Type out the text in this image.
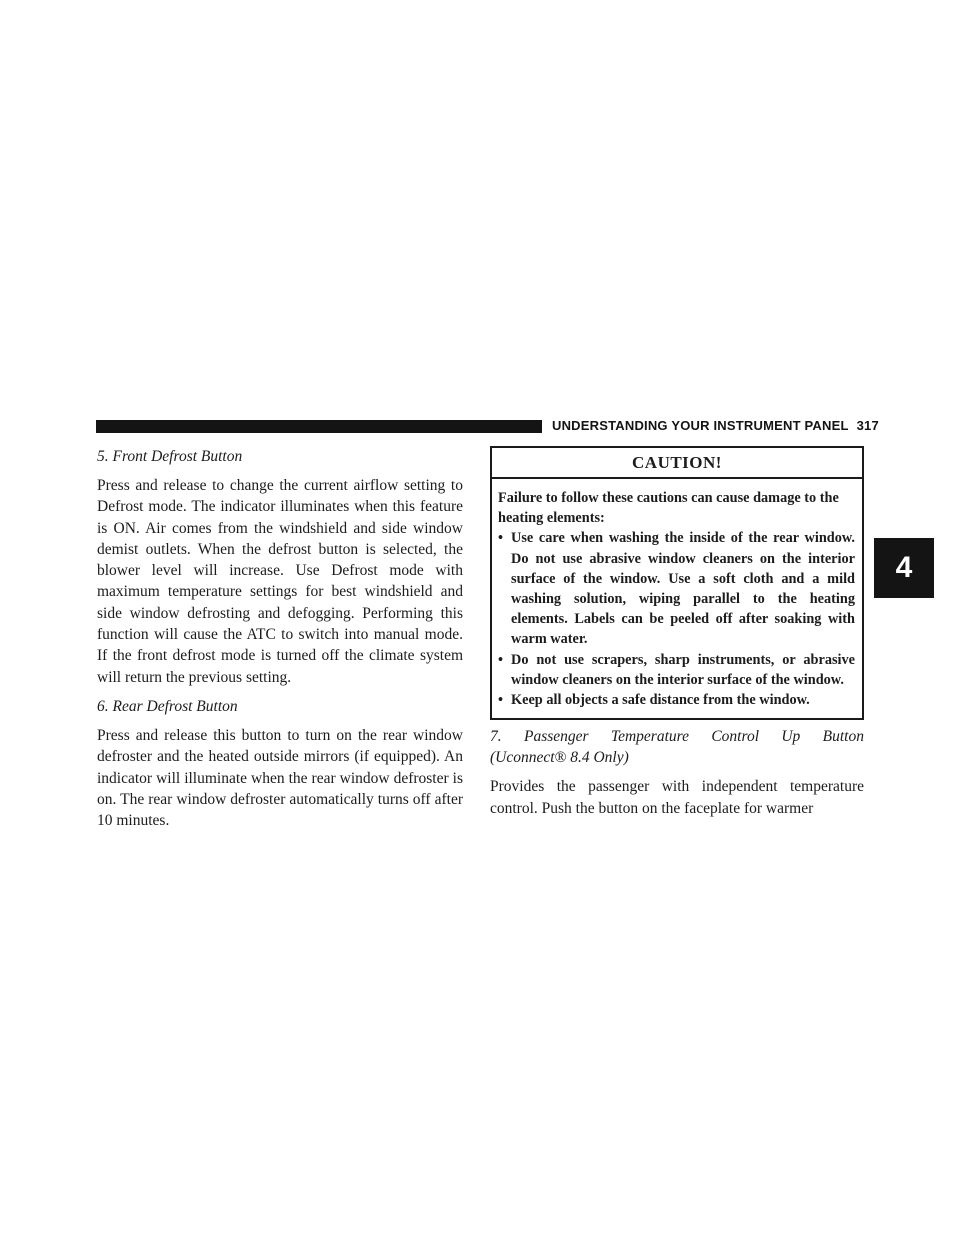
UNDERSTANDING YOUR INSTRUMENT PANEL 317

5. Front Defrost Button

Press and release to change the current airflow setting to Defrost mode. The indicator illuminates when this feature is ON. Air comes from the windshield and side window demist outlets. When the defrost button is selected, the blower level will increase. Use Defrost mode with maximum temperature settings for best windshield and side window defrosting and defogging. Performing this function will cause the ATC to switch into manual mode. If the front defrost mode is turned off the climate system will return the previous setting.

6. Rear Defrost Button

Press and release this button to turn on the rear window defroster and the heated outside mirrors (if equipped). An indicator will illuminate when the rear window defroster is on. The rear window defroster automatically turns off after 10 minutes.

CAUTION!

Failure to follow these cautions can cause damage to the heating elements:

• Use care when washing the inside of the rear window. Do not use abrasive window cleaners on the interior surface of the window. Use a soft cloth and a mild washing solution, wiping parallel to the heating elements. Labels can be peeled off after soaking with warm water.
• Do not use scrapers, sharp instruments, or abrasive window cleaners on the interior surface of the window.
• Keep all objects a safe distance from the window.

7. Passenger Temperature Control Up Button
(Uconnect® 8.4 Only)

Provides the passenger with independent temperature control. Push the button on the faceplate for warmer

4
